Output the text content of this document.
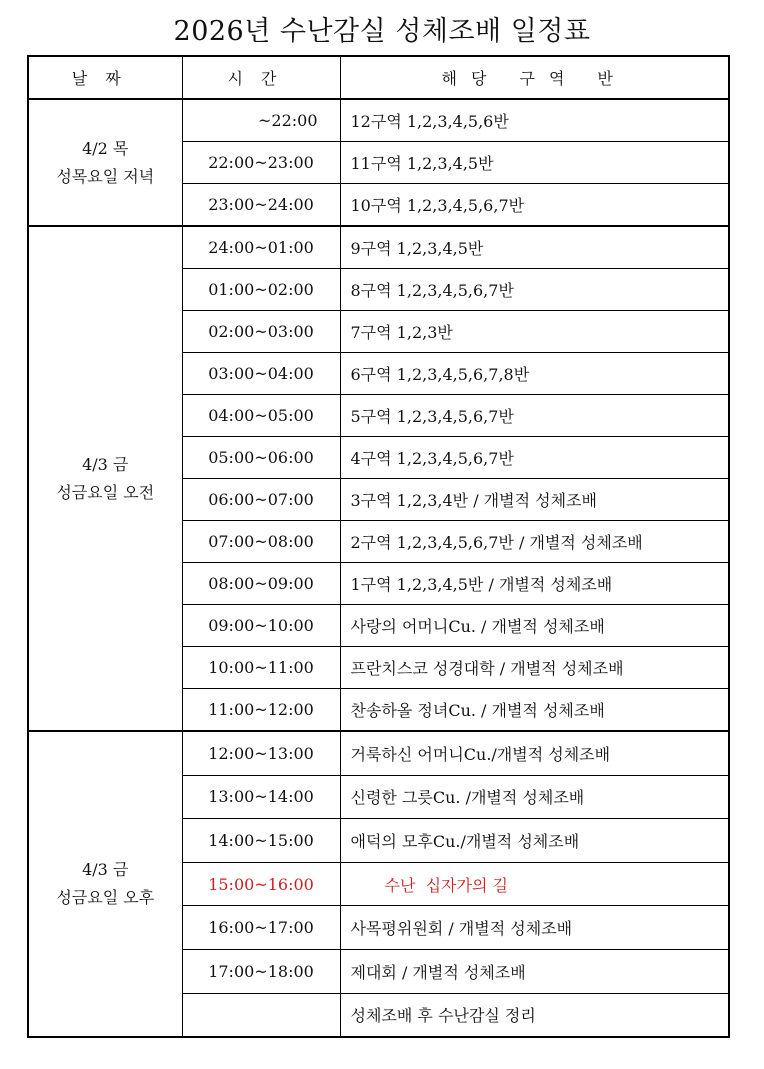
2026년 수난감실 성체조배 일정표
날짜	시간	해당 구역 반

4/2 목
성목요일 저녁	~22:00	12구역 1,2,3,4,5,6반
	22:00~23:00	11구역 1,2,3,4,5반
	23:00~24:00	10구역 1,2,3,4,5,6,7반

4/3 금
성금요일 오전	24:00~01:00	9구역 1,2,3,4,5반
	01:00~02:00	8구역 1,2,3,4,5,6,7반
	02:00~03:00	7구역 1,2,3반
	03:00~04:00	6구역 1,2,3,4,5,6,7,8반
	04:00~05:00	5구역 1,2,3,4,5,6,7반
	05:00~06:00	4구역 1,2,3,4,5,6,7반
	06:00~07:00	3구역 1,2,3,4반 / 개별적 성체조배
	07:00~08:00	2구역 1,2,3,4,5,6,7반 / 개별적 성체조배
	08:00~09:00	1구역 1,2,3,4,5반 / 개별적 성체조배
	09:00~10:00	사랑의 어머니Cu. / 개별적 성체조배
	10:00~11:00	프란치스코 성경대학 / 개별적 성체조배
	11:00~12:00	찬송하올 정녀Cu. / 개별적 성체조배

4/3 금
성금요일 오후	12:00~13:00	거룩하신 어머니Cu./개별적 성체조배
	13:00~14:00	신령한 그릇Cu. /개별적 성체조배
	14:00~15:00	애덕의 모후Cu./개별적 성체조배
	15:00~16:00	수난  십자가의 길
	16:00~17:00	사목평위원회 / 개별적 성체조배
	17:00~18:00	제대회 / 개별적 성체조배
		성체조배 후 수난감실 정리
